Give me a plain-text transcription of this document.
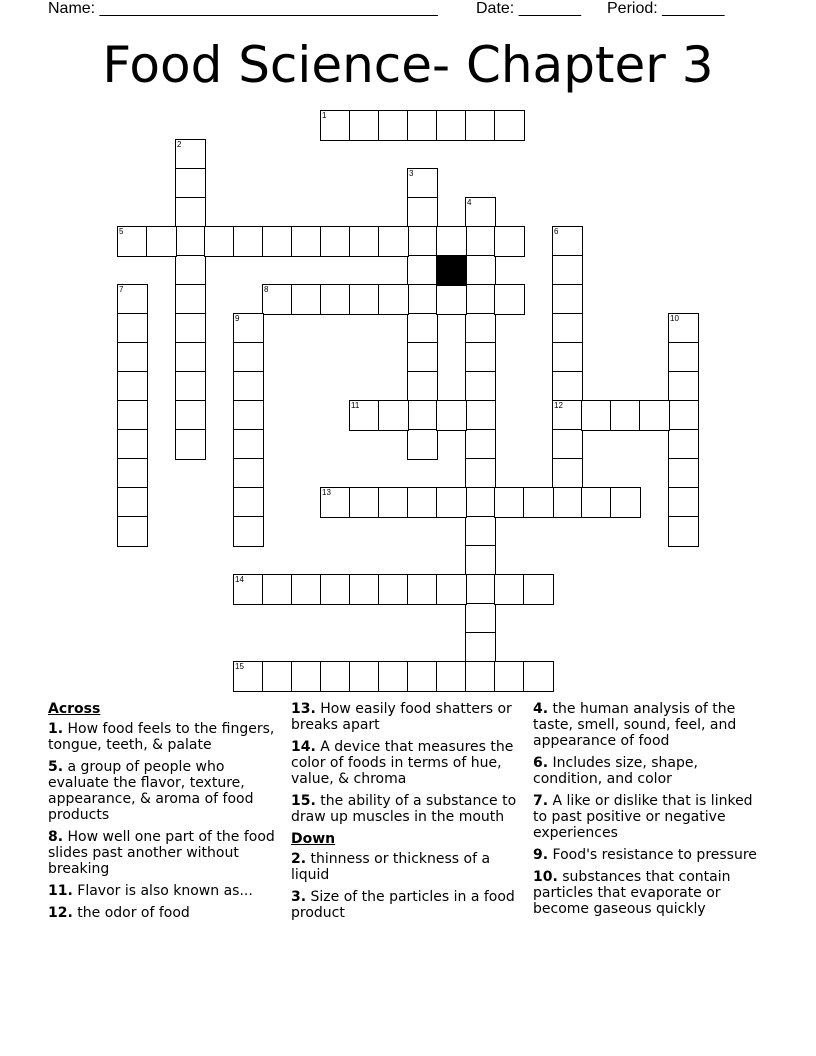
Name: ______________________________________ Date: _______ Period: _______
Food Science- Chapter 3
1
2
3
4
5	6
12
7	8
9	10
11
13
14
15
Across
1. How food feels to the fingers, tongue, teeth, & palate
5. a group of people who evaluate the flavor, texture, appearance, & aroma of food products
8. How well one part of the food slides past another without breaking
11. Flavor is also known as...
12. the odor of food
13. How easily food shatters or breaks apart
14. A device that measures the color of foods in terms of hue, value, & chroma
15. the ability of a substance to draw up muscles in the mouth
Down
2. thinness or thickness of a liquid
3. Size of the particles in a food product
4. the human analysis of the taste, smell, sound, feel, and appearance of food
6. Includes size, shape, condition, and color
7. A like or dislike that is linked to past positive or negative experiences
9. Food's resistance to pressure
10. substances that contain particles that evaporate or become gaseous quickly
